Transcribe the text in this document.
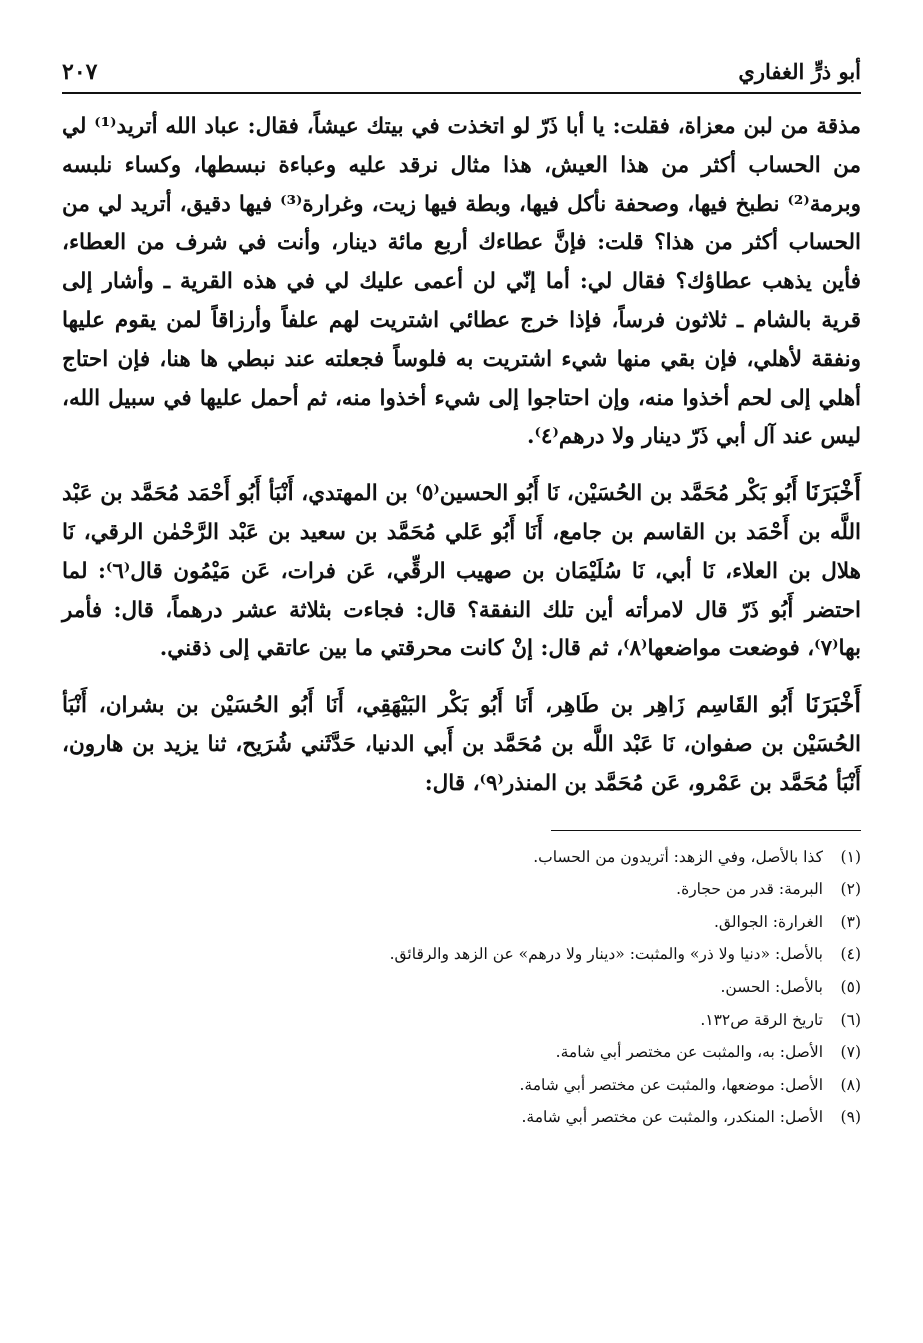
أبو ذرٍّ الغفاري
٢٠٧

مذقة من لبن معزاة، فقلت: يا أبا ذَرّ لو اتخذت في بيتك عيشاً، فقال: عباد الله أتريد⁽¹⁾ لي من الحساب أكثر من هذا العيش، هذا مثال نرقد عليه وعباءة نبسطها، وكساء نلبسه وبرمة⁽²⁾ نطبخ فيها، وصحفة نأكل فيها، وبطة فيها زيت، وغرارة⁽³⁾ فيها دقيق، أتريد لي من الحساب أكثر من هذا؟ قلت: فإنَّ عطاءك أربع مائة دينار، وأنت في شرف من العطاء، فأين يذهب عطاؤك؟ فقال لي: أما إنّي لن أعمى عليك لي في هذه القرية ـ وأشار إلى قرية بالشام ـ ثلاثون فرساً، فإذا خرج عطائي اشتريت لهم علفاً وأرزاقاً لمن يقوم عليها ونفقة لأهلي، فإن بقي منها شيء اشتريت به فلوساً فجعلته عند نبطي ها هنا، فإن احتاج أهلي إلى لحم أخذوا منه، وإن احتاجوا إلى شيء أخذوا منه، ثم أحمل عليها في سبيل الله، ليس عند آل أبي ذَرّ دينار ولا درهم⁽٤⁾.

أَخْبَرَنَا أَبُو بَكْر مُحَمَّد بن الحُسَيْن، نَا أَبُو الحسين⁽٥⁾ بن المهتدي، أَنْبَأ أَبُو أَحْمَد مُحَمَّد بن عَبْد اللَّه بن أَحْمَد بن القاسم بن جامع، أَنَا أَبُو عَلي مُحَمَّد بن سعيد بن عَبْد الرَّحْمٰن الرقي، نَا هلال بن العلاء، نَا أبي، نَا سُلَيْمَان بن صهيب الرقِّي، عَن فرات، عَن مَيْمُون قال⁽٦⁾: لما احتضر أَبُو ذَرّ قال لامرأته أين تلك النفقة؟ قال: فجاءت بثلاثة عشر درهماً، قال: فأمر بها⁽٧⁾، فوضعت مواضعها⁽٨⁾، ثم قال: إنْ كانت محرقتي ما بين عاتقي إلى ذقني.

أَخْبَرَنَا أَبُو القَاسِم زَاهِر بن طَاهِر، أَنَا أَبُو بَكْر البَيْهَقِي، أَنَا أَبُو الحُسَيْن بن بشران، أَنْبَأ الحُسَيْن بن صفوان، نَا عَبْد اللَّه بن مُحَمَّد بن أَبي الدنيا، حَدَّثَني شُرَيح، ثنا يزيد بن هارون، أَنْبَأ مُحَمَّد بن عَمْرو، عَن مُحَمَّد بن المنذر⁽٩⁾، قال:

(١)
كذا بالأصل، وفي الزهد: أتريدون من الحساب.
(٢)
البرمة: قدر من حجارة.
(٣)
الغرارة: الجوالق.
(٤)
بالأصل: «دنيا ولا ذر» والمثبت: «دينار ولا درهم» عن الزهد والرقائق.
(٥)
بالأصل: الحسن.
(٦)
تاريخ الرقة ص١٣٢.
(٧)
الأصل: به، والمثبت عن مختصر أبي شامة.
(٨)
الأصل: موضعها، والمثبت عن مختصر أبي شامة.
(٩)
الأصل: المنكدر، والمثبت عن مختصر أبي شامة.
